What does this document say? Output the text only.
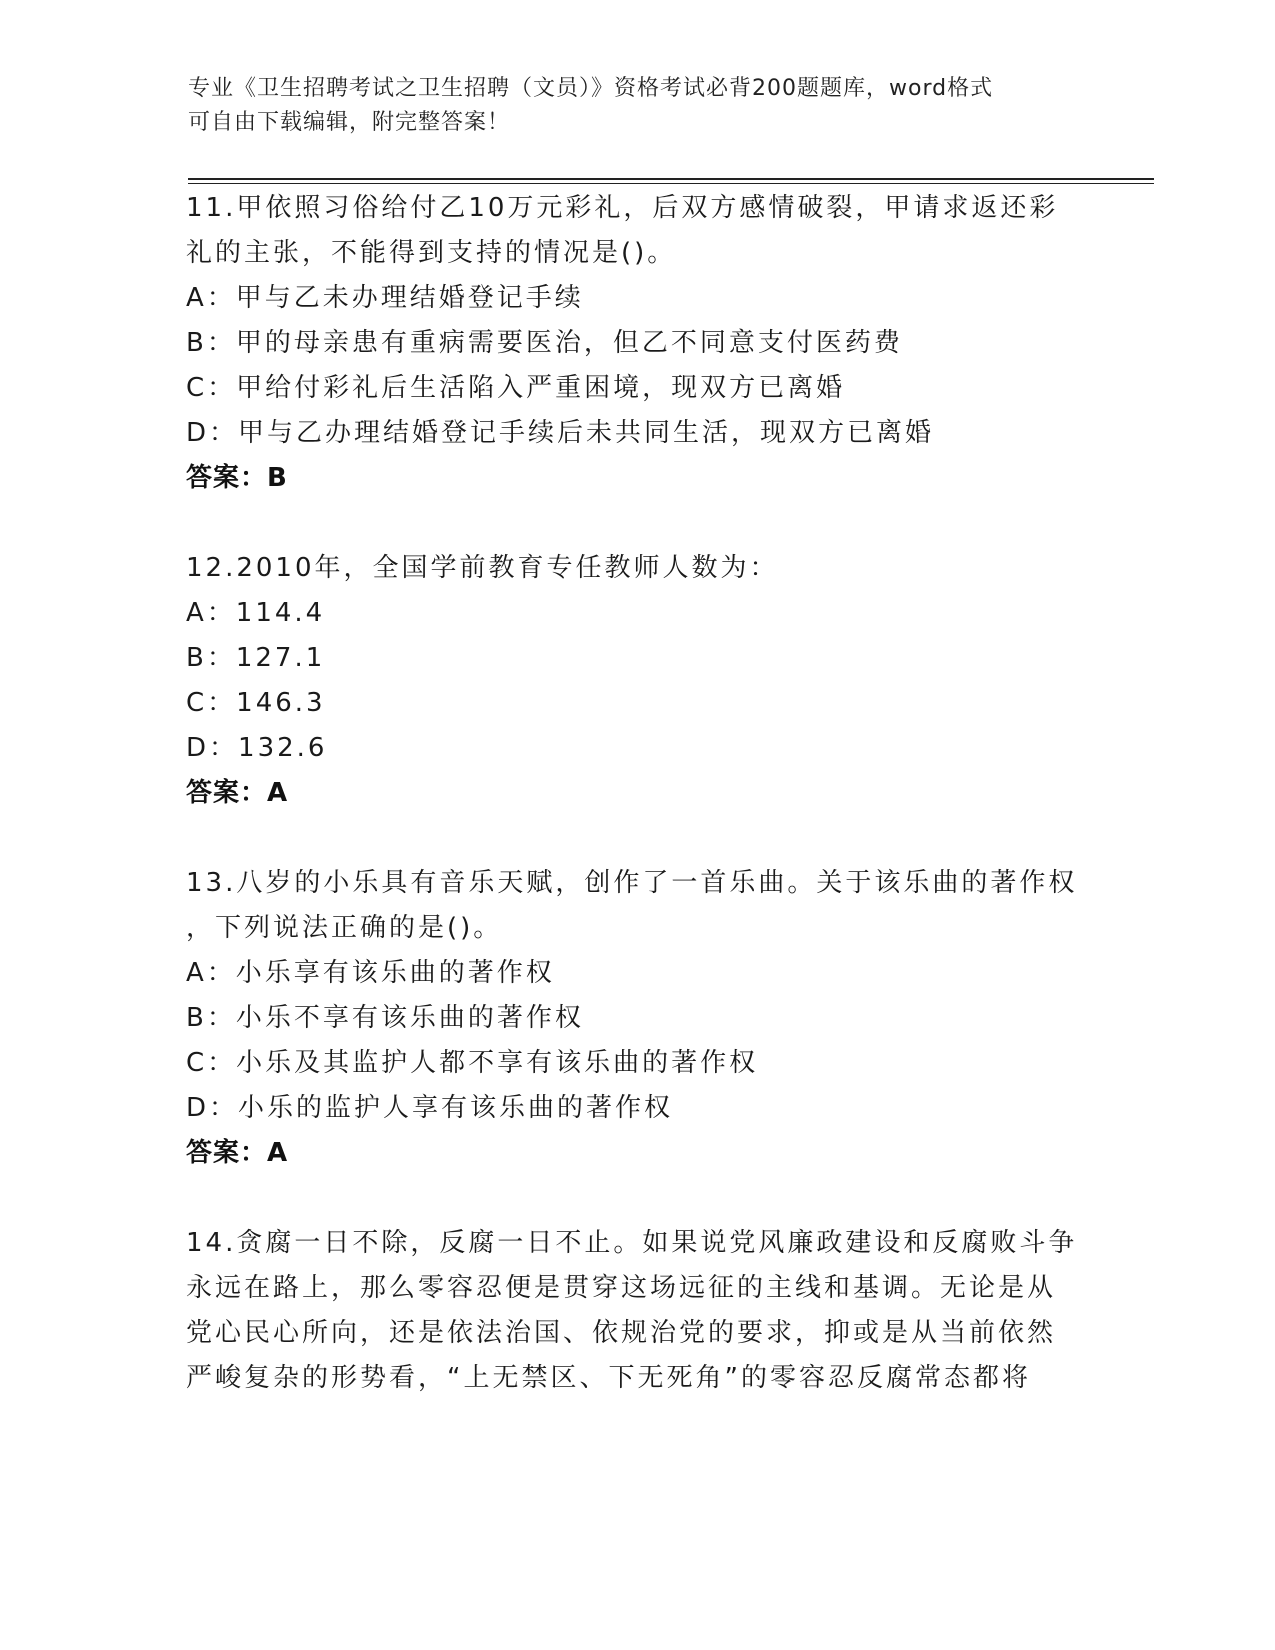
专业《卫生招聘考试之卫生招聘（文员）》资格考试必背200题题库，word格式
可自由下载编辑，附完整答案！
11.甲依照习俗给付乙10万元彩礼，后双方感情破裂，甲请求返还彩
礼的主张，不能得到支持的情况是()。
A：甲与乙未办理结婚登记手续
B：甲的母亲患有重病需要医治，但乙不同意支付医药费
C：甲给付彩礼后生活陷入严重困境，现双方已离婚
D：甲与乙办理结婚登记手续后未共同生活，现双方已离婚
答案：B
12.2010年，全国学前教育专任教师人数为：
A：114.4
B：127.1
C：146.3
D：132.6
答案：A
13.八岁的小乐具有音乐天赋，创作了一首乐曲。关于该乐曲的著作权
，下列说法正确的是()。
A：小乐享有该乐曲的著作权
B：小乐不享有该乐曲的著作权
C：小乐及其监护人都不享有该乐曲的著作权
D：小乐的监护人享有该乐曲的著作权
答案：A
14.贪腐一日不除，反腐一日不止。如果说党风廉政建设和反腐败斗争
永远在路上，那么零容忍便是贯穿这场远征的主线和基调。无论是从
党心民心所向，还是依法治国、依规治党的要求，抑或是从当前依然
严峻复杂的形势看，“上无禁区、下无死角”的零容忍反腐常态都将
